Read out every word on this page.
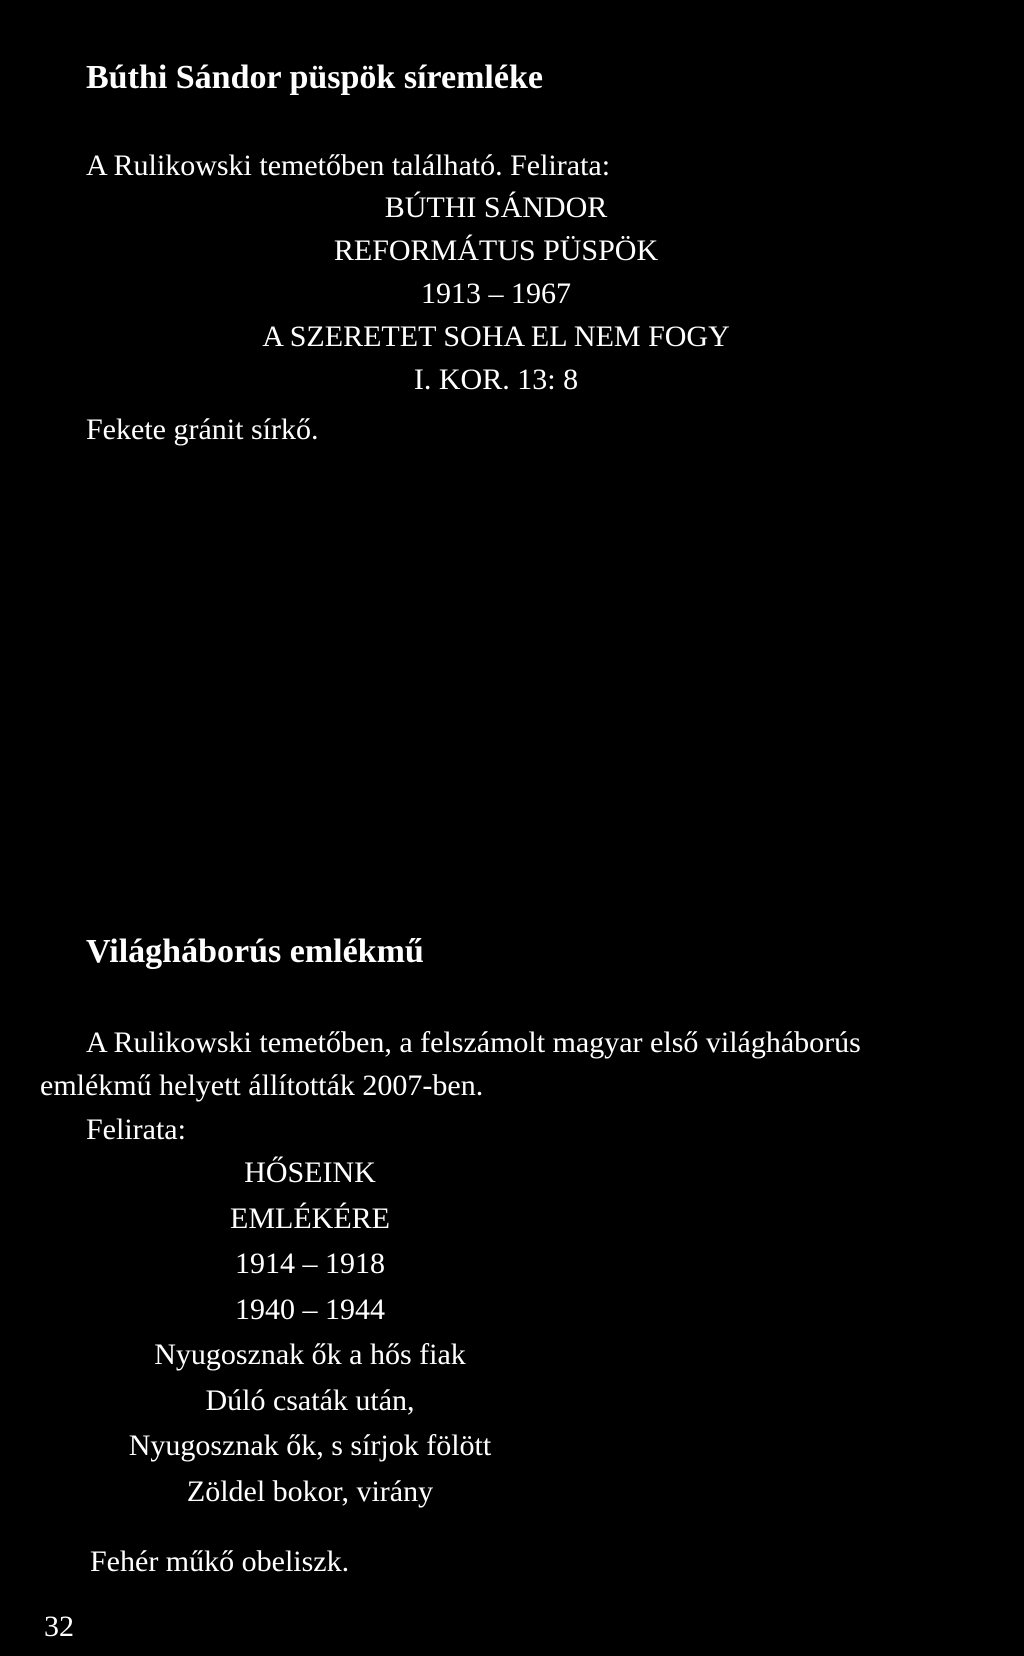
Búthi Sándor püspök síremléke
A Rulikowski temetőben található. Felirata:
BÚTHI SÁNDOR
REFORMÁTUS PÜSPÖK
1913 – 1967
A SZERETET SOHA EL NEM FOGY
I. KOR. 13: 8
Fekete gránit sírkő.
Világháborús emlékmű
A Rulikowski temetőben, a felszámolt magyar első világháborús
emlékmű helyett állították 2007-ben.
Felirata:
HŐSEINK
EMLÉKÉRE
1914 – 1918
1940 – 1944
Nyugosznak ők a hős fiak
Dúló csaták után,
Nyugosznak ők, s sírjok fölött
Zöldel bokor, virány
Fehér műkő obeliszk.
32
